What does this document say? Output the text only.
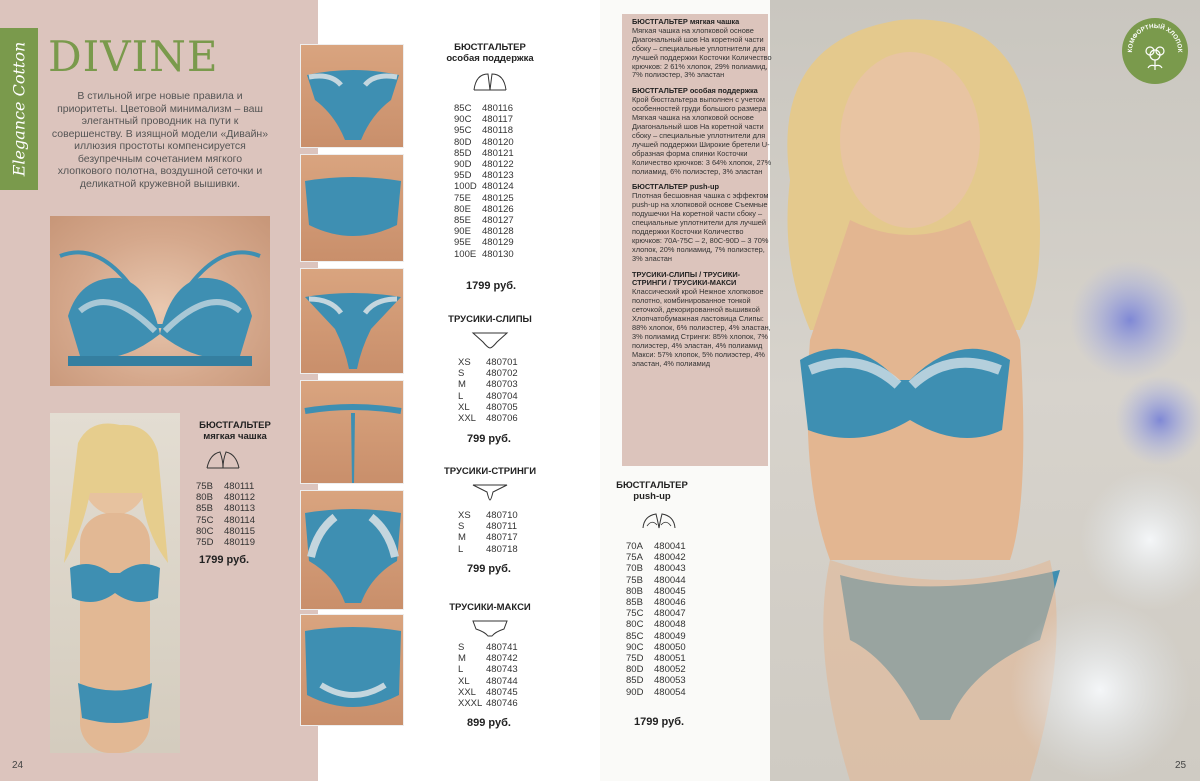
Elegance Cotton DIVINE
В стильной игре новые правила и приоритеты. Цветовой минимализм – ваш элегантный проводник на пути к совершенству. В изящной модели «Дивайн» иллюзия простоты компенсируется безупречным сочетанием мягкого хлопкового полотна, воздушной сеточки и деликатной кружевной вышивки.
БЮСТГАЛЬТЕР
мягкая чашка
75B	480111
80B	480112
85B	480113
75C	480114
80C	480115
75D	480119
1799 руб.
БЮСТГАЛЬТЕР
особая поддержка
85C	480116
90C	480117
95C	480118
80D	480120
85D	480121
90D	480122
95D	480123
100D 480124
75E	480125
80E	480126
85E	480127
90E	480128
95E	480129
100E 480130
1799 руб.
ТРУСИКИ-СЛИПЫ
XS	480701
S	480702
M	480703
L	480704
XL	480705
XXL	480706
799 руб.
ТРУСИКИ-СТРИНГИ
XS	480710
S	480711
M	480717
L	480718
799 руб.
ТРУСИКИ-МАКСИ
S	480741
M	480742
L	480743
XL	480744
XXL	480745
XXXL 480746
899 руб.
24

БЮСТГАЛЬТЕР мягкая чашка
Мягкая чашка на хлопковой основе Диагональный шов На коретной части сбоку – специальные уплотнители для лучшей поддержки Косточки Количество крючков: 2 61% хлопок, 29% полиамид, 7% полиэстер, 3% эластан

БЮСТГАЛЬТЕР особая поддержка
Крой бюстгальтера выполнен с учетом особенностей груди большого размера Мягкая чашка на хлопковой основе Диагональный шов На коретной части сбоку – специальные уплотнители для лучшей поддержки Широкие бретели U-образная форма спинки Косточки Количество крючков: 3 64% хлопок, 27% полиамид, 6% полиэстер, 3% эластан

БЮСТГАЛЬТЕР push-up
Плотная бесшовная чашка с эффектом push-up на хлопковой основе Съемные подушечки На коретной части сбоку – специальные уплотнители для лучшей поддержки Косточки Количество крючков: 70А-75С – 2, 80С-90D – 3 70% хлопок, 20% полиамид, 7% полиэстер, 3% эластан

ТРУСИКИ-СЛИПЫ / ТРУСИКИ-СТРИНГИ / ТРУСИКИ-МАКСИ
Классический крой Нежное хлопковое полотно, комбинированное тонкой сеточкой, декорированной вышивкой Хлопчатобумажная ластовица Слипы: 88% хлопок, 6% полиэстер, 4% эластан, 3% полиамид Стринги: 85% хлопок, 7% полиэстер, 4% эластан, 4% полиамид Макси: 57% хлопок, 5% полиэстер, 4% эластан, 4% полиамид

БЮСТГАЛЬТЕР
push-up
70A	480041
75A	480042
70B	480043
75B	480044
80B	480045
85B	480046
75C	480047
80C	480048
85C	480049
90C	480050
75D	480051
80D	480052
85D	480053
90D	480054
1799 руб.
КОМФОРТНЫЙ ХЛОПОК
25
